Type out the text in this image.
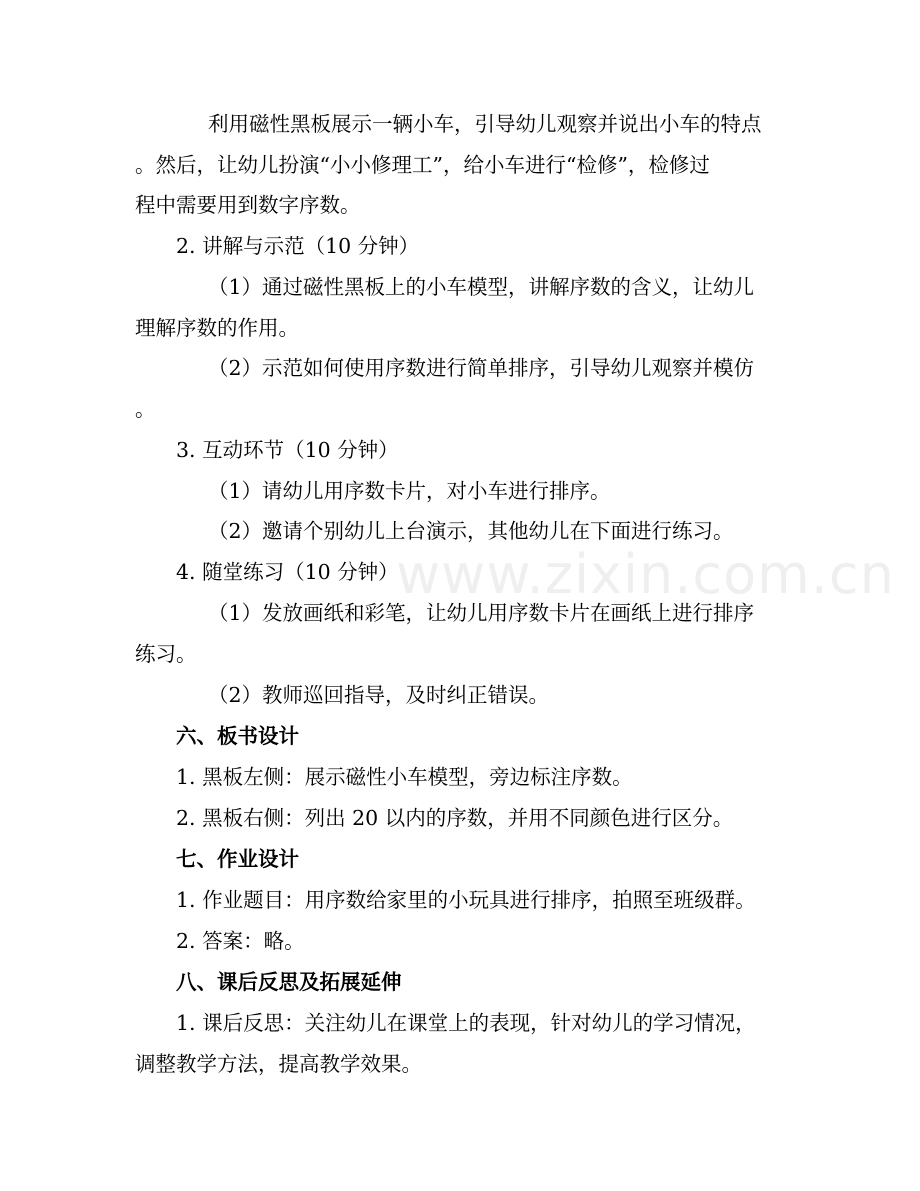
www.zixin.com.cn
利用磁性黑板展示一辆小车，引导幼儿观察并说出小车的特点
。然后，让幼儿扮演“小小修理工”，给小车进行“检修”，检修过
程中需要用到数字序数。
2. 讲解与示范（10 分钟）
（1）通过磁性黑板上的小车模型，讲解序数的含义，让幼儿
理解序数的作用。
（2）示范如何使用序数进行简单排序，引导幼儿观察并模仿
。
3. 互动环节（10 分钟）
（1）请幼儿用序数卡片，对小车进行排序。
（2）邀请个别幼儿上台演示，其他幼儿在下面进行练习。
4. 随堂练习（10 分钟）
（1）发放画纸和彩笔，让幼儿用序数卡片在画纸上进行排序
练习。
（2）教师巡回指导，及时纠正错误。
六、板书设计
1. 黑板左侧：展示磁性小车模型，旁边标注序数。
2. 黑板右侧：列出 20 以内的序数，并用不同颜色进行区分。
七、作业设计
1. 作业题目：用序数给家里的小玩具进行排序，拍照至班级群。
2. 答案：略。
八、课后反思及拓展延伸
1. 课后反思：关注幼儿在课堂上的表现，针对幼儿的学习情况，
调整教学方法，提高教学效果。
